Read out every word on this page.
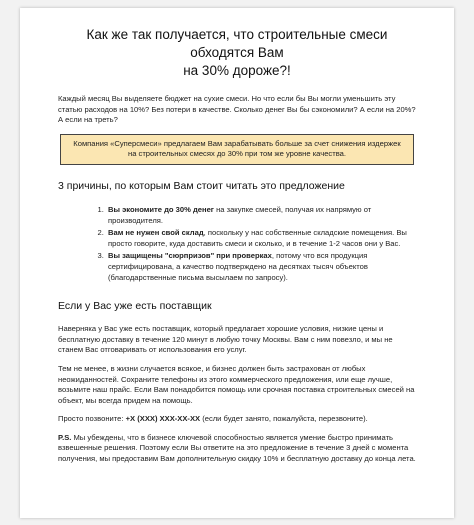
Как же так получается, что строительные смеси обходятся Вам
на 30% дороже?!

Каждый месяц Вы выделяете бюджет на сухие смеси. Но что если бы Вы могли уменьшить эту статью расходов на 10%? Без потери в качестве. Сколько денег Вы бы сэкономили? А если на 20%? А если на треть?

Компания «Суперсмеси» предлагаем Вам зарабатывать больше за счет снижения издержек на строительных смесях до 30% при том же уровне качества.
3 причины, по которым Вам стоит читать это предложение
1. Вы экономите до 30% денег на закупке смесей, получая их напрямую от производителя.
2. Вам не нужен свой склад, поскольку у нас собственные складские помещения. Вы просто говорите, куда доставить смеси и сколько, и в течение 1-2 часов они у Вас.
3. Вы защищены "сюрпризов" при проверках, потому что вся продукция сертифицирована, а качество подтверждено на десятках тысяч объектов (благодарственные письма высылаем по запросу).
Если у Вас уже есть поставщик

Наверняка у Вас уже есть поставщик, который предлагает хорошие условия, низкие цены и бесплатную доставку в течение 120 минут в любую точку Москвы. Вам с ним повезло, и мы не станем Вас отговаривать от использования его услуг.

Тем не менее, в жизни случается всякое, и бизнес должен быть застрахован от любых неожиданностей. Сохраните телефоны из этого коммерческого предложения, или еще лучше, возьмите наш прайс. Если Вам понадобится помощь или срочная поставка строительных смесей на объект, мы всегда придем на помощь.

Просто позвоните: +Х (ХХХ) ХХХ-ХХ-ХХ (если будет занято, пожалуйста, перезвоните).

P.S. Мы убеждены, что в бизнесе ключевой способностью является умение быстро принимать взвешенные решения. Поэтому если Вы ответите на это предложение в течение 3 дней с момента получения, мы предоставим Вам дополнительную скидку 10% и бесплатную доставку до конца лета.
